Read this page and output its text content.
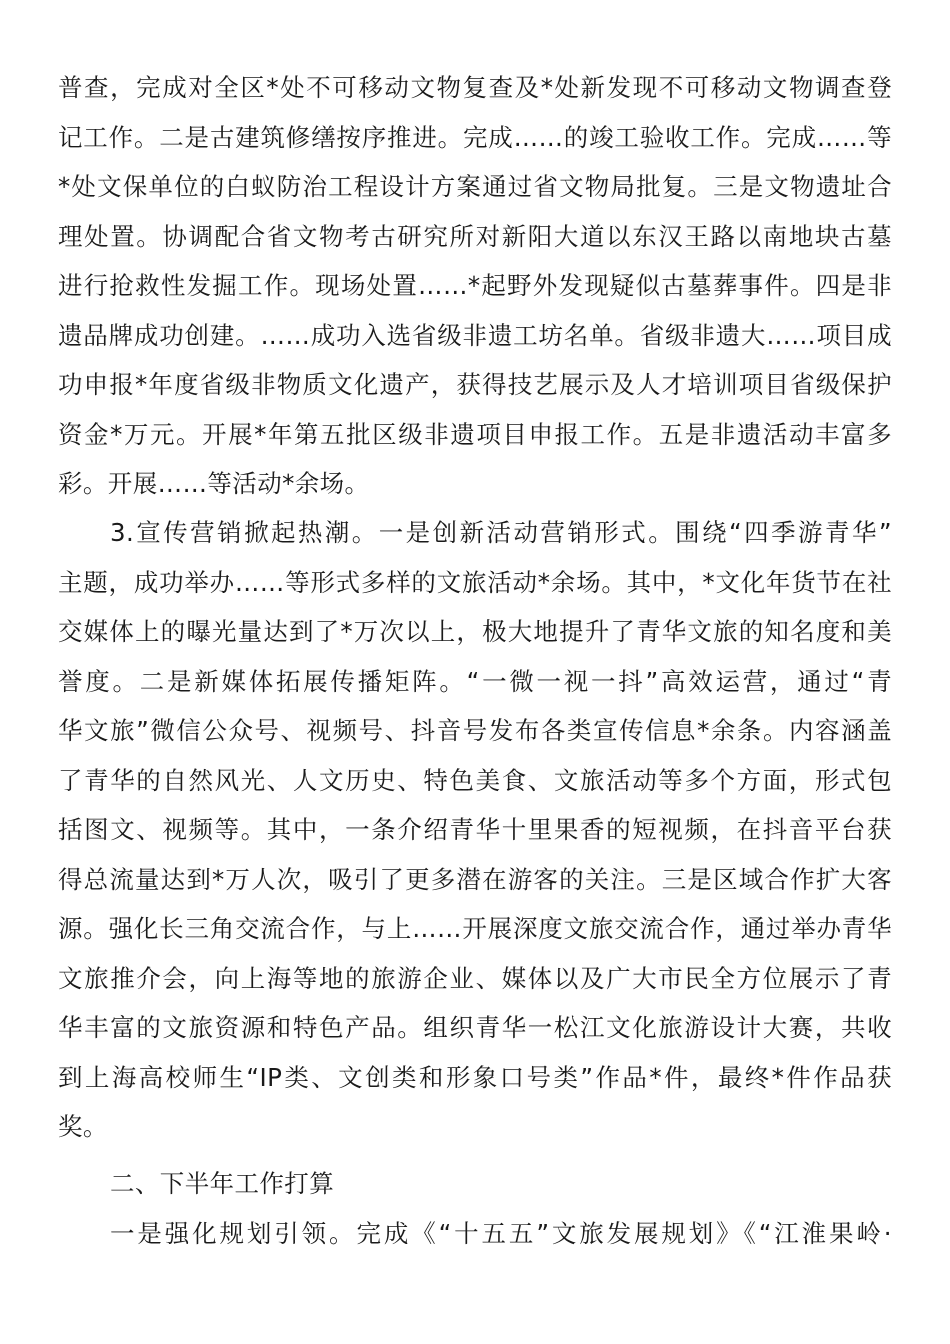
普查，完成对全区*处不可移动文物复查及*处新发现不可移动文物调查登
记工作。二是古建筑修缮按序推进。完成……的竣工验收工作。完成……等
*处文保单位的白蚁防治工程设计方案通过省文物局批复。三是文物遗址合
理处置。协调配合省文物考古研究所对新阳大道以东汉王路以南地块古墓
进行抢救性发掘工作。现场处置……*起野外发现疑似古墓葬事件。四是非
遗品牌成功创建。……成功入选省级非遗工坊名单。省级非遗大……项目成
功申报*年度省级非物质文化遗产，获得技艺展示及人才培训项目省级保护
资金*万元。开展*年第五批区级非遗项目申报工作。五是非遗活动丰富多
彩。开展……等活动*余场。
3.宣传营销掀起热潮。一是创新活动营销形式。围绕“四季游青华”
主题，成功举办……等形式多样的文旅活动*余场。其中，*文化年货节在社
交媒体上的曝光量达到了*万次以上，极大地提升了青华文旅的知名度和美
誉度。二是新媒体拓展传播矩阵。“一微一视一抖”高效运营，通过“青
华文旅”微信公众号、视频号、抖音号发布各类宣传信息*余条。内容涵盖
了青华的自然风光、人文历史、特色美食、文旅活动等多个方面，形式包
括图文、视频等。其中，一条介绍青华十里果香的短视频，在抖音平台获
得总流量达到*万人次，吸引了更多潜在游客的关注。三是区域合作扩大客
源。强化长三角交流合作，与上……开展深度文旅交流合作，通过举办青华
文旅推介会，向上海等地的旅游企业、媒体以及广大市民全方位展示了青
华丰富的文旅资源和特色产品。组织青华一松江文化旅游设计大赛，共收
到上海高校师生“IP类、文创类和形象口号类”作品*件，最终*件作品获
奖。
二、下半年工作打算
一是强化规划引领。完成《“十五五”文旅发展规划》《“江淮果岭·
